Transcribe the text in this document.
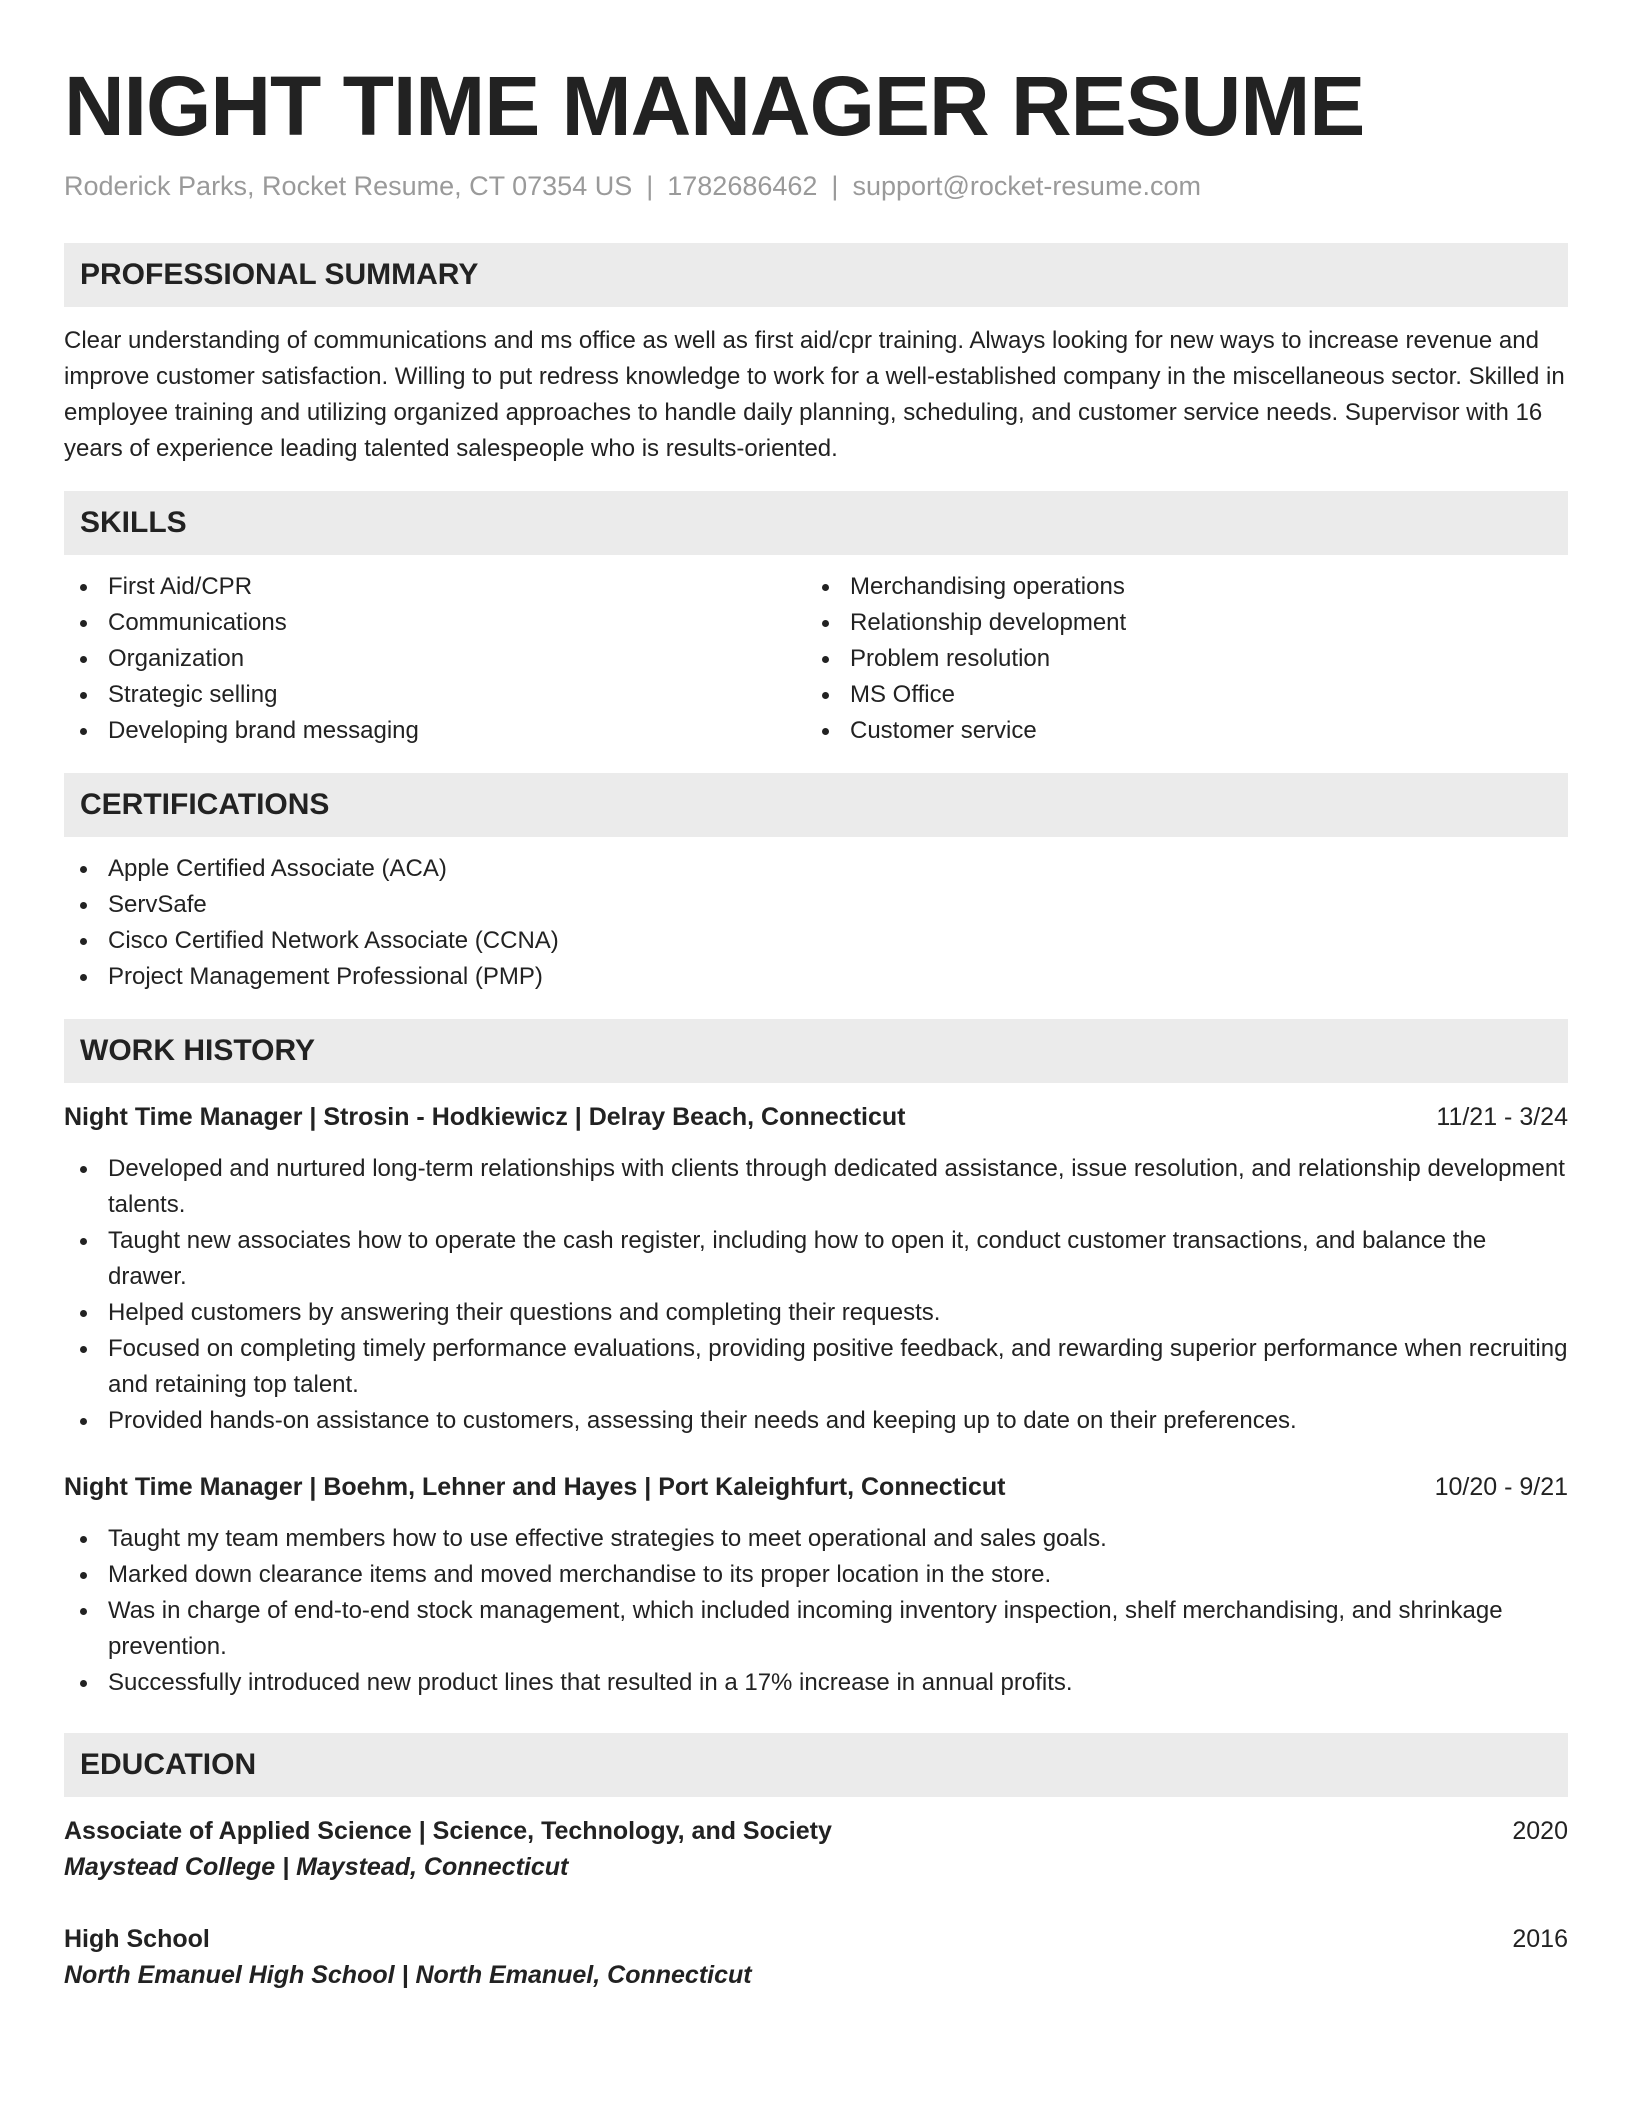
NIGHT TIME MANAGER RESUME
Roderick Parks, Rocket Resume, CT 07354 US | 1782686462 | support@rocket-resume.com
PROFESSIONAL SUMMARY

Clear understanding of communications and ms office as well as first aid/cpr training. Always looking for new ways to increase revenue and improve customer satisfaction. Willing to put redress knowledge to work for a well-established company in the miscellaneous sector. Skilled in employee training and utilizing organized approaches to handle daily planning, scheduling, and customer service needs. Supervisor with 16 years of experience leading talented salespeople who is results-oriented.

SKILLS
First Aid/CPR
Communications
Organization
Strategic selling
Developing brand messaging
Merchandising operations
Relationship development
Problem resolution
MS Office
Customer service
CERTIFICATIONS
Apple Certified Associate (ACA)
ServSafe
Cisco Certified Network Associate (CCNA)
Project Management Professional (PMP)
WORK HISTORY
Night Time Manager | Strosin - Hodkiewicz | Delray Beach, Connecticut	11/21 - 3/24
Developed and nurtured long-term relationships with clients through dedicated assistance, issue resolution, and relationship development talents.
Taught new associates how to operate the cash register, including how to open it, conduct customer transactions, and balance the drawer.
Helped customers by answering their questions and completing their requests.
Focused on completing timely performance evaluations, providing positive feedback, and rewarding superior performance when recruiting and retaining top talent.
Provided hands-on assistance to customers, assessing their needs and keeping up to date on their preferences.
Night Time Manager | Boehm, Lehner and Hayes | Port Kaleighfurt, Connecticut	10/20 - 9/21
Taught my team members how to use effective strategies to meet operational and sales goals.
Marked down clearance items and moved merchandise to its proper location in the store.
Was in charge of end-to-end stock management, which included incoming inventory inspection, shelf merchandising, and shrinkage prevention.
Successfully introduced new product lines that resulted in a 17% increase in annual profits.
EDUCATION
Associate of Applied Science | Science, Technology, and Society	2020
Maystead College | Maystead, Connecticut
High School	2016
North Emanuel High School | North Emanuel, Connecticut
